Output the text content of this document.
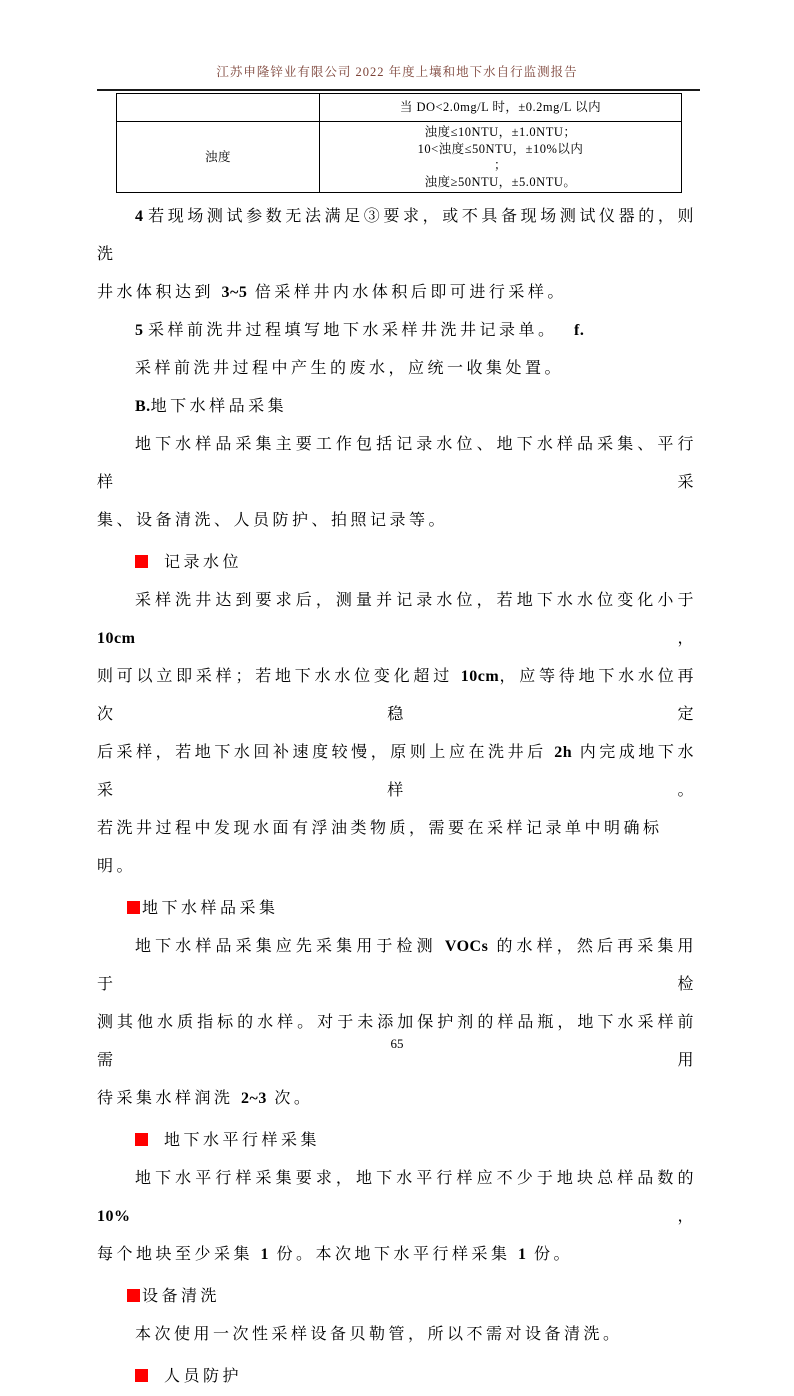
江苏申隆锌业有限公司 2022 年度上壤和地下水自行监测报告

	当 DO<2.0mg/L 时，±0.2mg/L 以内

浊度	浊度≤10NTU，±1.0NTU；
10<浊度≤50NTU，±10%以内
；
浊度≥50NTU，±5.0NTU。
4 若现场测试参数无法满足③要求，或不具备现场测试仪器的，则洗
井水体积达到 3~5 倍采样井内水体积后即可进行采样。
5 采样前洗井过程填写地下水采样井洗井记录单。 f.
采样前洗井过程中产生的废水，应统一收集处置。
B.地下水样品采集
地下水样品采集主要工作包括记录水位、地下水样品采集、平行样采
集、设备清洗、人员防护、拍照记录等。
记录水位
采样洗井达到要求后，测量并记录水位，若地下水水位变化小于 10cm，
则可以立即采样；若地下水水位变化超过 10cm，应等待地下水水位再次稳定
后采样，若地下水回补速度较慢，原则上应在洗井后 2h 内完成地下水采样。
若洗井过程中发现水面有浮油类物质，需要在采样记录单中明确标明。
地下水样品采集
地下水样品采集应先采集用于检测 VOCs 的水样，然后再采集用于检
测其他水质指标的水样。对于未添加保护剂的样品瓶，地下水采样前需用
待采集水样润洗 2~3 次。
地下水平行样采集
地下水平行样采集要求，地下水平行样应不少于地块总样品数的 10%，
每个地块至少采集 1 份。本次地下水平行样采集 1 份。
设备清洗
本次使用一次性采样设备贝勒管，所以不需对设备清洗。
人员防护
65
